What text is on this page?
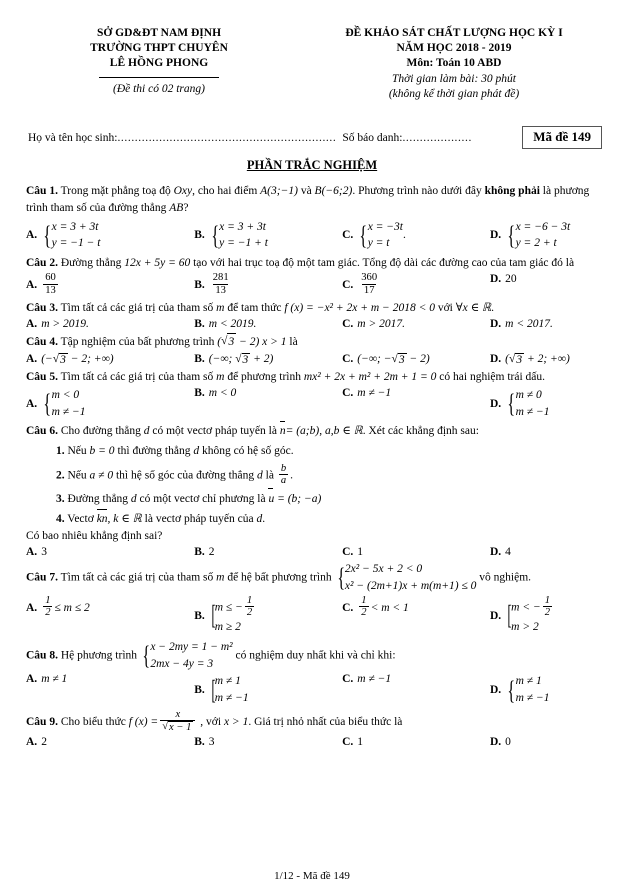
SỞ GD&ĐT NAM ĐỊNH
TRƯỜNG THPT CHUYÊN
LÊ HỒNG PHONG
(Đề thi có 02 trang)
ĐỀ KHẢO SÁT CHẤT LƯỢNG HỌC KỲ I
NĂM HỌC 2018 - 2019
Môn: Toán 10 ABD
Thời gian làm bài: 30 phút
(không kể thời gian phát đề)
Họ và tên học sinh: ............................................................... Số báo danh: ....................	Mã đề 149
PHẦN TRẮC NGHIỆM
Câu 1. Trong mặt phẳng toạ độ Oxy, cho hai điểm A(3;−1) và B(−6;2). Phương trình nào dưới đây không phải là phương trình tham số của đường thẳng AB?
A. { x = 3 + 3t
y = −1 − t
B. { x = 3 + 3t
y = −1 + t
C. { x = −3t
y = t
.	D. { x = −6 − 3t
y = 2 + t
Câu 2. Đường thẳng 12x + 5y = 60 tạo với hai trục toạ độ một tam giác. Tổng độ dài các đường cao của tam giác đó là
A. $\frac{60}{13}$	B. $\frac{281}{13}$	C. $\frac{360}{17}$	D. 20
Câu 3. Tìm tất cả các giá trị của tham số m để tam thức f (x) = −x² + 2x + m − 2018 < 0 với ∀x ∈ ℝ.
A. m > 2019.	B. m < 2019.	C. m > 2017.	D. m < 2017.
Câu 4. Tập nghiệm của bất phương trình ( √ 3 − 2) x > 1 là
A. (− √ 3 − 2; +∞)	B. (−∞; √ 3 + 2)	C. (−∞; − √ 3 − 2)	D. ( √ 3 + 2; +∞)
Câu 5. Tìm tất cả các giá trị của tham số m để phương trình mx² + 2x + m² + 2m + 1 = 0 có hai nghiệm trái dấu.
A. { m < 0
m ≠ −1
B. m < 0	C. m ≠ −1
D. { m ≠ 0
m ≠ −1
Câu 6. Cho đường thẳng d có một vectơ pháp tuyến là n= (a;b), a,b ∈ ℝ. Xét các khẳng định sau:
1. Nếu b = 0 thì đường thẳng d không có hệ số góc.
2. Nếu a ≠ 0 thì hệ số góc của đường thẳng d là $\frac{b}{a}$ .
3. Đường thẳng d có một vectơ chỉ phương là u = (b; −a)
4. Vectơ kn, k ∈ ℝ là vectơ pháp tuyến của d.
Có bao nhiêu khẳng định sai?
A. 3	B. 2	C. 1	D. 4
Câu 7. Tìm tất cả các giá trị của tham số m để hệ bất phương trình { 2x² − 5x + 2 < 0
x² − (2m+1)x + m(m+1) ≤ 0
vô nghiệm.
A. $\frac{1}{2} \le m \le 2$
B. [ m ≤ − $\frac{1}{2}$
m ≥ 2
C. $\frac{1}{2} < m < 1$
D. [ m < − $\frac{1}{2}$
m > 2
Câu 8. Hệ phương trình { x − 2my = 1 − m²
2mx − 4y = 3
có nghiệm duy nhất khi và chỉ khi:
A. m ≠ 1
B. [ m ≠ 1
m ≠ −1
C. m ≠ −1
D. { m ≠ 1
m ≠ −1
Câu 9. Cho biểu thức f $(x) = \frac{x}{√ x - 1}$ , với x > 1. Giá trị nhỏ nhất của biểu thức là
A. 2	B. 3	C. 1	D. 0
1/12 - Mã đề 149
